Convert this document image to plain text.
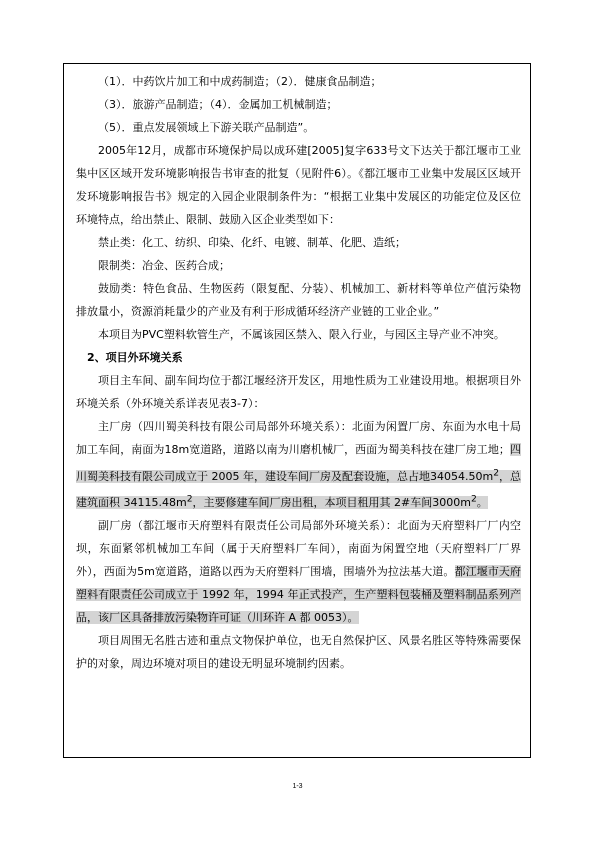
（1）．中药饮片加工和中成药制造；（2）．健康食品制造；

（3）．旅游产品制造；（4）．金属加工机械制造；

（5）．重点发展领域上下游关联产品制造”。

2005年12月，成都市环境保护局以成环建[2005]复字633号文下达关于都江堰市工业集中区区域开发环境影响报告书审查的批复（见附件6）。《都江堰市工业集中发展区区域开发环境影响报告书》规定的入园企业限制条件为：“根据工业集中发展区的功能定位及区位环境特点，给出禁止、限制、鼓励入区企业类型如下：

禁止类：化工、纺织、印染、化纤、电镀、制革、化肥、造纸；

限制类：冶金、医药合成；

鼓励类：特色食品、生物医药（限复配、分装）、机械加工、新材料等单位产值污染物排放量小，资源消耗量少的产业及有利于形成循环经济产业链的工业企业。”

本项目为PVC塑料软管生产，不属该园区禁入、限入行业，与园区主导产业不冲突。

2、项目外环境关系

项目主车间、副车间均位于都江堰经济开发区，用地性质为工业建设用地。根据项目外环境关系（外环境关系详表见表3-7）：

主厂房（四川蜀美科技有限公司局部外环境关系）：北面为闲置厂房、东面为水电十局加工车间，南面为18m宽道路，道路以南为川磨机械厂，西面为蜀美科技在建厂房工地；四川蜀美科技有限公司成立于 2005 年，建设车间厂房及配套设施，总占地$34054.50m^2$，总建筑面积 $34115.48m^2$，主要修建车间厂房出租，本项目租用其 2#车间$3000m^2$。

副厂房（都江堰市天府塑料有限责任公司局部外环境关系）：北面为天府塑料厂厂内空坝，东面紧邻机械加工车间（属于天府塑料厂车间），南面为闲置空地（天府塑料厂厂界外），西面为5m宽道路，道路以西为天府塑料厂围墙，围墙外为拉法基大道。都江堰市天府塑料有限责任公司成立于 1992 年，1994 年正式投产，生产塑料包装桶及塑料制品系列产品，该厂区具备排放污染物许可证（川环许 A 都 0053）。

项目周围无名胜古迹和重点文物保护单位，也无自然保护区、风景名胜区等特殊需要保护的对象，周边环境对项目的建设无明显环境制约因素。

1-3
